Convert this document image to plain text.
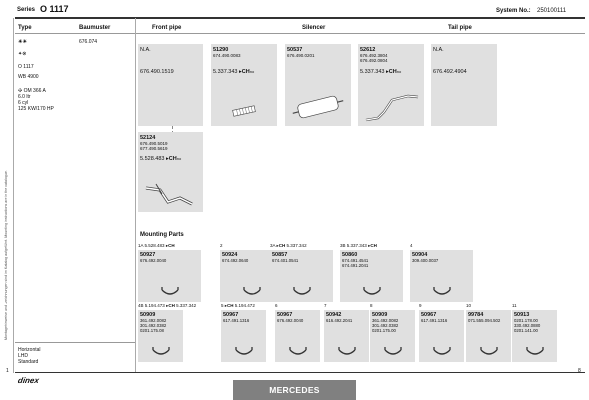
Series O 1117	System No.: 250100111
Montagehinweise und -zeichnungen sind im Katalog aufgeführt. Mounting instructions are in the catalogue.
Type	Baumuster
☀☀	676.074
✦⊗
O 1117
WB 4900
✣ OM 366 A
6.0 ltr
6 cyl
125 KW/170 HP
Horizontal
LHD
Standard
Front pipe	Silencer	Tail pipe
N.A.
676.490.1519
51290
674.490.0083
5.337.343 ▸CHno
50537
676.490.0201
52612
676.492.3804
676.492.0804
5.337.343 ▸CHno
N.A.
676.492.4904
52124
676.490.5019
677.490.5619
5.528.483 ▸CHno
Mounting Parts
1	8
dinex
MERCEDES
1A 5.528.483 ▸CH
50927
676.492.0040
2
50924
674.492.0640
3A ▸CH 5.337.342
50857
674.401.0541
3B 5.337.343 ▸CH
50860
674.491.4541
674.491.2041
4
50904
309.400.0037
4B 5.194.473 ▸CH 5.337.342
50909
361.492.0082
301.492.0382
0201.175.08
5 ▸CH 5.194.472
50967
617.491.1316
6
50967
676.492.0040
7
50942
616.492.2041
8
50909
361.492.0082
301.492.0382
0201.175.00
9
50967
617.491.1316
10
99784
071.555.094.502
11
50913
0201.178.00
330.492.0880
0201.141.00
